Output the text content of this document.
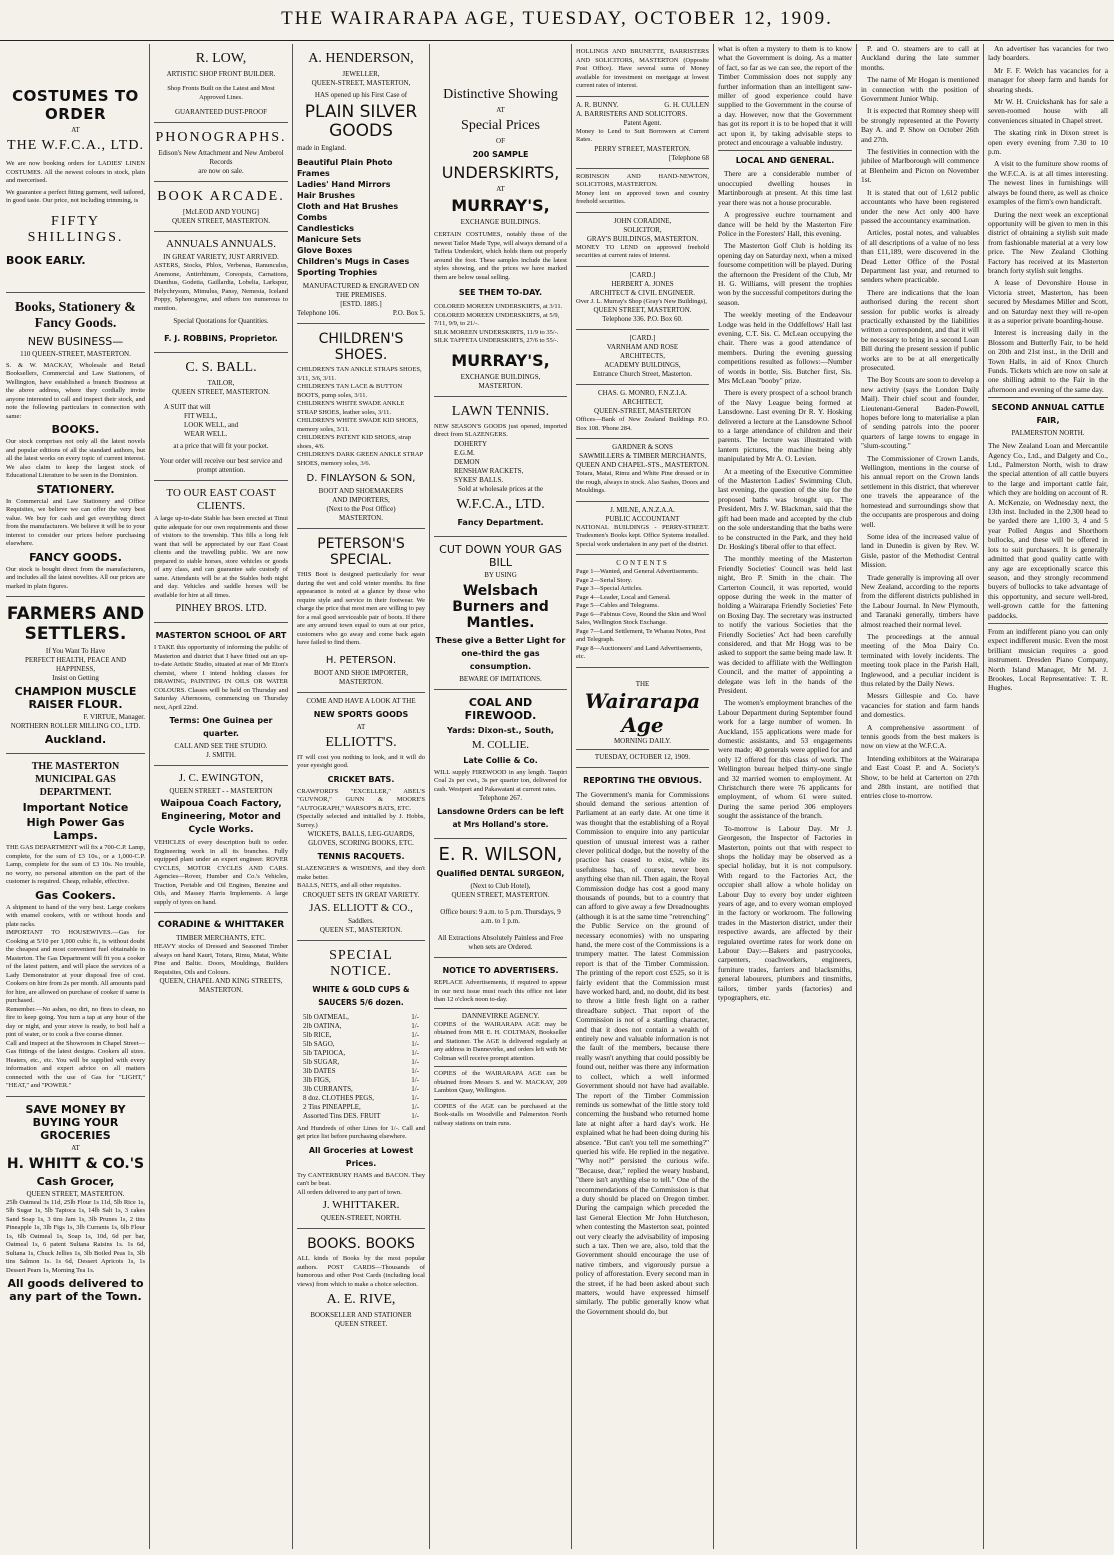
THE WAIRARAPA AGE, TUESDAY, OCTOBER 12, 1909.
COSTUMES TO ORDER
AT
THE W.F.C.A., LTD.
We are now booking orders for LADIES' LINEN COSTUMES. All the newest colours in stock, plain and mercerised.
We guarantee a perfect fitting garment, well tailored, in good taste. Our price, not including trimming, is
FIFTY SHILLINGS.
BOOK EARLY.
Books, Stationery & Fancy Goods.
NEW BUSINESS—
110 QUEEN-STREET, MASTERTON.
S. & W. MACKAY, Wholesale and Retail Booksellers, Commercial and Law Stationers, of Wellington, have established a branch Business at the above address, where they cordially invite anyone interested to call and inspect their stock, and note the following particulars in connection with same:
BOOKS.
Our stock comprises not only all the latest novels and popular editions of all the standard authors, but all the latest works on every topic of current interest. We also claim to keep the largest stock of Educational Literature to be seen in the Dominion.
STATIONERY.
In Commercial and Law Stationery and Office Requisites, we believe we can offer the very best value. We buy for cash and get everything direct from the manufacturers. We believe it will be to your interest to consider our prices before purchasing elsewhere.
FANCY GOODS.
Our stock is bought direct from the manufacturers, and includes all the latest novelties. All our prices are marked in plain figures.
FARMERS AND SETTLERS.
If You Want To Have
PERFECT HEALTH, PEACE AND HAPPINESS,
Insist on Getting
CHAMPION MUSCLE RAISER FLOUR.
F. VIRTUE, Manager.
NORTHERN ROLLER MILLING CO., LTD.
Auckland.
THE MASTERTON MUNICIPAL GAS DEPARTMENT.
Important Notice
High Power Gas Lamps.
THE GAS DEPARTMENT will fix a 700-C.P. Lamp, complete, for the sum of £3 10s., or a 1,000-C.P. Lamp, complete for the sum of £3 10s. No trouble, no worry, no personal attention on the part of the customer is required. Cheap, reliable, effective.
Gas Cookers.
A shipment to hand of the very best. Large cookers with enamel cookers, with or without hoods and plate racks.
IMPORTANT TO HOUSEWIVES.—Gas for Cooking at 5/10 per 1,000 cubic ft., is without doubt the cheapest and most convenient fuel obtainable in Masterton. The Gas Department will fit you a cooker of the latest pattern, and will place the services of a Lady Demonstrator at your disposal free of cost. Cookers on hire from 2s per month. All amounts paid for hire, are allowed on purchase of cooker if same is purchased.
Remember.—No ashes, no dirt, no fires to clean, no fire to keep going. You turn a tap at any hour of the day or night, and your stove is ready, to boil half a pint of water, or to cook a five course dinner.
Call and inspect at the Showroom in Chapel Street—Gas fittings of the latest designs. Cookers all sizes. Heaters, etc., etc. You will be supplied with every information and expert advice on all matters connected with the use of Gas for "LIGHT," "HEAT," and "POWER."
SAVE MONEY BY BUYING YOUR GROCERIES
AT
H. WHITT & CO.'S
Cash Grocer,
QUEEN STREET, MASTERTON.
25lb Oatmeal 3s 11d, 25lb Flour 1s 11d, 5lb Rice 1s, 5lb Sugar 1s, 5lb Tapioca 1s, 14lb Salt 1s, 3 cakes Sand Soap 1s, 3 tins Jam 1s, 3lb Prunes 1s, 2 tins Pineapple 1s, 3lb Figs 1s, 3lb Currants 1s, 6lb Flour 1s, 6lb Oatmeal 1s, Soap 1s, 10d, 6d per bar, Oatmeal 1s, 6 patent Sultana Raisins 1s. 1s 6d, Sultana 1s, Chuck Jellies 1s, 3lb Boiled Peas 1s, 3lb tins Salmon 1s. 1s 6d, Dessert Apricots 1s, 1s Dessert Pears 1s, Morning Tea 1s.
All goods delivered to any part of the Town.
R. LOW,
ARTISTIC SHOP FRONT BUILDER.
Shop Fronts Built on the Latest and Most Approved Lines.
GUARANTEED DUST-PROOF
PHONOGRAPHS.
Edison's New Attachment and New Amberol Records
are now on sale.
BOOK ARCADE.
[McLEOD AND YOUNG]
QUEEN STREET, MASTERTON.
ANNUALS ANNUALS.
IN GREAT VARIETY, JUST ARRIVED.
ASTERS, Stocks, Phlox, Verbenas, Ranunculus, Anemone, Antirrhinum, Coreopsis, Carnations, Dianthus, Godetia, Gaillardia, Lobelia, Larkspur, Helychrysum, Mimulus, Pansy, Nemesia, Iceland Poppy, Sphenogyne, and others too numerous to mention.
Special Quotations for Quantities.
F. J. ROBBINS, Proprietor.
C. S. BALL.
TAILOR,
QUEEN STREET, MASTERTON.
A SUIT that will
FIT WELL,
LOOK WELL, and
WEAR WELL.
at a price that will fit your pocket.
Your order will receive our best service and prompt attention.
TO OUR EAST COAST CLIENTS.
A large up-to-date Stable has been erected at Tinui quite adequate for our own requirements and those of visitors to the township. This fills a long felt want that will be appreciated by our East Coast clients and the travelling public. We are now prepared to stable horses, store vehicles or goods of any class, and can guarantee safe custody of same. Attendants will be at the Stables both night and day. Vehicles and saddle horses will be available for hire at all times.
PINHEY BROS. LTD.
MASTERTON SCHOOL OF ART
I TAKE this opportunity of informing the public of Masterton and district that I have fitted out an up-to-date Artistic Studio, situated at rear of Mr Eton's chemist, where I intend holding classes for DRAWING, PAINTING IN OILS OR WATER COLOURS. Classes will be held on Thursday and Saturday Afternoons, commencing on Thursday next, April 22nd.
Terms: One Guinea per quarter.
CALL AND SEE THE STUDIO.
J. SMITH.
J. C. EWINGTON,
QUEEN STREET - - MASTERTON
Waipoua Coach Factory, Engineering, Motor and Cycle Works.
VEHICLES of every description built to order. Engineering work in all its branches. Fully equipped plant under an expert engineer. ROVER CYCLES, MOTOR CYCLES AND CARS. Agencies—Rover, Humber and Co.'s Vehicles, Traction, Portable and Oil Engines, Benzine and Oils, and Massey Harris Implements. A large supply of tyres on hand.
CORADINE & WHITTAKER
TIMBER MERCHANTS, ETC.
HEAVY stocks of Dressed and Seasoned Timber always on hand Kauri, Totara, Rimu, Matai, White Pine and Baltic. Doors, Mouldings, Builders Requisites, Oils and Colours.
QUEEN, CHAPEL AND KING STREETS, MASTERTON.
A. HENDERSON,
JEWELLER,
QUEEN-STREET, MASTERTON,
HAS opened up his First Case of
PLAIN SILVER GOODS
made in England.
Beautiful Plain Photo Frames
Ladies' Hand Mirrors
Hair Brushes
Cloth and Hat Brushes
Combs
Candlesticks
Manicure Sets
Glove Boxes
Children's Mugs in Cases
Sporting Trophies
MANUFACTURED & ENGRAVED ON THE PREMISES.
[ESTD. 1885.]
Telephone 106.	P.O. Box 5.
CHILDREN'S SHOES.
CHILDREN'S TAN ANKLE STRAPS SHOES, 3/11, 3/6, 3/11.
CHILDREN'S TAN LACE & BUTTON BOOTS, pump soles, 3/11.
CHILDREN'S WHITE SWADE ANKLE STRAP SHOES, leather soles, 3/11.
CHILDREN'S WHITE SWADE KID SHOES, memory soles, 3/11.
CHILDREN'S PATENT KID SHOES, strap shoes, 4/6.
CHILDREN'S DARK GREEN ANKLE STRAP SHOES, memory soles, 3/6.
D. FINLAYSON & SON,
BOOT AND SHOEMAKERS
AND IMPORTERS,
(Next to the Post Office)
MASTERTON.
PETERSON'S SPECIAL.
THIS Boot is designed particularly for wear during the wet and cold winter months. Its fine appearance is noted at a glance by those who require style and service in their footwear. We charge the price that most men are willing to pay for a real good serviceable pair of boots. If there are any around town equal to ours at our price, customers who go away and come back again have failed to find them.
H. PETERSON.
BOOT AND SHOE IMPORTER,
MASTERTON.
COME AND HAVE A LOOK AT THE
NEW SPORTS GOODS
AT
ELLIOTT'S.
IT will cost you nothing to look, and it will do your eyesight good.
CRICKET BATS.
CRAWFORD'S "EXCELLER," ABEL'S "GUVNOR," GUNN & MOORE'S "AUTOGRAPH," WARSOP'S BATS, ETC.
(Specially selected and initialled by J. Hobbs, Surrey.)
WICKETS, BALLS, LEG-GUARDS, GLOVES, SCORING BOOKS, ETC.
TENNIS RACQUETS.
SLAZENGER'S & WISDEN'S, and they don't make better.
BALLS, NETS, and all other requisites.
CROQUET SETS IN GREAT VARIETY.
JAS. ELLIOTT & CO.,
Saddlers.
QUEEN ST., MASTERTON.
SPECIAL NOTICE.
WHITE & GOLD CUPS & SAUCERS 5/6 dozen.
5lb OATMEAL,	1/-
2lb OATINA,	1/-
5lb RICE,	1/-
5lb SAGO,	1/-
5lb TAPIOCA,	1/-
5lb SUGAR,	1/-
3lb DATES	1/-
3lb FIGS,	1/-
3lb CURRANTS,	1/-
8 doz. CLOTHES PEGS,	1/-
2 Tins PINEAPPLE,	1/-
Assorted Tins DES. FRUIT	1/-
And Hundreds of other Lines for 1/-. Call and get price list before purchasing elsewhere.
All Groceries at Lowest Prices.
Try CANTERBURY HAMS and BACON. They can't be beat.
All orders delivered to any part of town.
J. WHITTAKER.
QUEEN-STREET, NORTH.
BOOKS. BOOKS
ALL kinds of Books by the most popular authors. POST CARDS—Thousands of humorous and other Post Cards (including local views) from which to make a choice selection.
A. E. RIVE,
BOOKSELLER AND STATIONER
QUEEN STREET.
Distinctive Showing
AT
Special Prices
OF
200 SAMPLE
UNDERSKIRTS,
AT
MURRAY'S,
EXCHANGE BUILDINGS.
CERTAIN COSTUMES, notably those of the newest Tailor Made Type, will always demand of a Taffeta Underskirt, which holds them out properly around the foot. These samples include the latest styles showing, and the prices we have marked them are below usual selling.
SEE THEM TO-DAY.
COLORED MOREEN UNDERSKIRTS, at 3/11.
COLORED MOREEN UNDERSKIRTS, at 5/9, 7/11, 9/9, to 21/-.
SILK MOREEN UNDERSKIRTS, 11/9 to 35/-.
SILK TAFFETA UNDERSKIRTS, 27/6 to 55/-.
MURRAY'S,
EXCHANGE BUILDINGS,
MASTERTON.
LAWN TENNIS.
NEW SEASON'S GOODS just opened, imported direct from SLAZENGERS.
DOHERTY
E.G.M.
DEMON
RENSHAW RACKETS,
SYKES' BALLS.
Sold at wholesale prices at the
W.F.C.A., LTD.
Fancy Department.
CUT DOWN YOUR GAS BILL
BY USING
Welsbach Burners and Mantles.
These give a Better Light for one-third the gas consumption.
BEWARE OF IMITATIONS.
COAL AND FIREWOOD.
Yards: Dixon-st., South,
M. COLLIE.
Late Collie & Co.
WILL supply FIREWOOD in any length. Taupiri Coal 2s per cwt., 3s per quarter ton, delivered for cash. Westport and Pakawatani at current rates.
Telephone 267.
Lansdowne Orders can be left at Mrs Holland's store.
E. R. WILSON,
Qualified DENTAL SURGEON,
(Next to Club Hotel),
QUEEN STREET, MASTERTON.
Office hours: 9 a.m. to 5 p.m. Thursdays, 9 a.m. to 1 p.m.
All Extractions Absolutely Painless and Free when sets are Ordered.
NOTICE TO ADVERTISERS.
REPLACE Advertisements, if required to appear in our next issue must reach this office not later than 12 o'clock noon to-day.
DANNEVIRKE AGENCY.
COPIES of the WAIRARAPA AGE may be obtained from MR E. H. COLTMAN, Bookseller and Stationer. The AGE is delivered regularly at any address in Dannevirke, and orders left with Mr Coltman will receive prompt attention.
COPIES of the WAIRARAPA AGE can be obtained from Messrs S. and W. MACKAY, 209 Lambton Quay, Wellington.
COPIES of the AGE can be purchased at the Book-stalls on Woodville and Palmerston North railway stations on train runs.
HOLLINGS AND BRUNETTE, BARRISTERS AND SOLICITORS, MASTERTON (Opposite Post Office). Have several sums of Money available for investment on mortgage at lowest current rates of interest.
A. R. BUNNY.	G. H. CULLEN
A. BARRISTERS AND SOLICITORS.
Patent Agent.
Money to Lend to Suit Borrowers at Current Rates.
PERRY STREET, MASTERTON.
[Telephone 68
ROBINSON AND HAND-NEWTON, SOLICITORS, MASTERTON.
Money lent on approved town and country freehold securities.
JOHN CORADINE,
SOLICITOR,
GRAY'S BUILDINGS, MASTERTON.
MONEY TO LEND on approved freehold securities at current rates of interest.
[CARD.]
HERBERT A. JONES
ARCHITECT & CIVIL ENGINEER.
Over J. L. Murray's Shop (Gray's New Buildings),
QUEEN STREET, MASTERTON.
Telephone 336. P.O. Box 60.
[CARD.]
VARNHAM AND ROSE
ARCHITECTS,
ACADEMY BUILDINGS,
Entrance Church Street, Masterton.
CHAS. G. MONRO, F.N.Z.I.A.
ARCHITECT,
QUEEN-STREET, MASTERTON
Offices—Bank of New Zealand Buildings P.O. Box 108. 'Phone 284.
GARDNER & SONS
SAWMILLERS & TIMBER MERCHANTS,
QUEEN AND CHAPEL-STS., MASTERTON.
Totara, Matai, Rimu and White Pine dressed or in the rough, always in stock. Also Sashes, Doors and Mouldings.
J. MILNE, A.N.Z.A.A.
PUBLIC ACCOUNTANT
NATIONAL BUILDINGS - PERRY-STREET. Tradesmen's Books kept. Office Systems installed. Special work undertaken in any part of the district.
CONTENTS
Page 1—Wanted, and General Advertisements.
Page 2—Serial Story.
Page 3—Special Articles.
Page 4—Leader, Local and General.
Page 5—Cables and Telegrams.
Page 6—Fabinus Cove, Round the Skin and Wool Sales, Wellington Stock Exchange.
Page 7—Land Settlement, Te Wharau Notes, Post and Telegraph.
Page 8—Auctioneers' and Land Advertisements, etc.
THE
Wairarapa Age
MORNING DAILY.
TUESDAY, OCTOBER 12, 1909.
REPORTING THE OBVIOUS.
The Government's mania for Commissions should demand the serious attention of Parliament at an early date. At one time it was thought that the establishing of a Royal Commission to enquire into any particular question of unusual interest was a rather clever political dodge, but the novelty of the practice has ceased to exist, while its usefulness has, of course, never been anything else than nil. Then again, the Royal Commission dodge has cost a good many thousands of pounds, but to a country that can afford to give away a few Dreadnoughts (although it is at the same time "retrenching" the Public Service on the ground of necessary economies) with no unsparing hand, the mere cost of the Commissions is a trumpery matter. The latest Commission report is that of the Timber Commission. The printing of the report cost £525, so it is fairly evident that the Commission must have worked hard, and, no doubt, did its best to throw a little fresh light on a rather threadbare subject. That report of the Commission is not of a startling character, and that it does not contain a wealth of entirely new and valuable information is not the fault of the members, because there really wasn't anything that could possibly be found out, neither was there any information to collect, which a well informed Government should not have had available. The report of the Timber Commission reminds us somewhat of the little story told concerning the husband who returned home late at night after a hard day's work. He explained what he had been doing during his absence. "But can't you tell me something?" queried his wife. He replied in the negative. "Why not?" persisted the curious wife. "Because, dear," replied the weary husband, "there isn't anything else to tell." One of the recommendations of the Commission is that a duty should be placed on Oregon timber. During the campaign which preceded the last General Election Mr John Hutcheson, when contesting the Masterton seat, pointed out very clearly the advisability of imposing such a tax. Then we are, also, told that the Government should encourage the use of native timbers, and vigorously pursue a policy of afforestation. Every second man in the street, if he had been asked about such matters, would have expressed himself similarly. The public generally know what the Government should do, but
what is often a mystery to them is to know what the Government is doing. As a matter of fact, so far as we can see, the report of the Timber Commission does not supply any further information than an intelligent saw-miller of good experience could have supplied to the Government in the course of a day. However, now that the Government has got its report it is to be hoped that it will act upon it, by taking advisable steps to protect and encourage a valuable industry.
LOCAL AND GENERAL.

There are a considerable number of unoccupied dwelling houses in Martinborough at present. At this time last year there was not a house procurable.

A progressive euchre tournament and dance will be held by the Masterton Fire Police in the Foresters' Hall, this evening.

The Masterton Golf Club is holding its opening day on Saturday next, when a mixed foursome competition will be played. During the afternoon the President of the Club, Mr H. G. Williams, will present the trophies won by the successful competitors during the season.

The weekly meeting of the Endeavour Lodge was held in the Oddfellows' Hall last evening, C.T. Sis. C. McLean occupying the chair. There was a good attendance of members. During the evening guessing competitions resulted as follows:—Number of words in bottle, Sis. Butcher first, Sis. Mrs McLean "booby" prize.

There is every prospect of a school branch of the Navy League being formed at Lansdowne. Last evening Dr R. Y. Hosking delivered a lecture at the Lansdowne School to a large attendance of children and their parents. The lecture was illustrated with lantern pictures, the machine being ably manipulated by Mr A. O. Levien.

At a meeting of the Executive Committee of the Masterton Ladies' Swimming Club, last evening, the question of the site for the proposed baths was brought up. The President, Mrs J. W. Blackman, said that the gift had been made and accepted by the club on the sole understanding that the baths were to be constructed in the Park, and they held Dr. Hosking's liberal offer to that effect.

The monthly meeting of the Masterton Friendly Societies' Council was held last night, Bro P. Smith in the chair. The Carterton Council, it was reported, would oppose during the week in the matter of holding a Wairarapa Friendly Societies' Fete on Boxing Day. The secretary was instructed to notify the various Societies that the Friendly Societies' Act had been carefully considered, and that Mr Hogg was to be asked to support the same being made law. It was decided to affiliate with the Wellington Council, and the matter of appointing a delegate was left in the hands of the President.

The women's employment branches of the Labour Department during September found work for a large number of women. In Auckland, 155 applications were made for domestic assistants, and 53 engagements were made; 40 generals were applied for and only 12 offered for this class of work. The Wellington bureau helped thirty-one single and 32 married women to employment. At Christchurch there were 76 applicants for employment, of whom 61 were suited. During the same period 306 employers sought the assistance of the branch.

To-morrow is Labour Day. Mr J. Georgeson, the Inspector of Factories in Masterton, points out that with respect to shops the holiday may be observed as a special holiday, but it is not compulsory. With regard to the Factories Act, the occupier shall allow a whole holiday on Labour Day to every boy under eighteen years of age, and to every woman employed in the factory or workroom. The following trades in the Masterton district, under their respective awards, are affected by their regulated overtime rates for work done on Labour Day:—Bakers and pastrycooks, carpenters, coachworkers, engineers, furniture trades, farriers and blacksmiths, general labourers, plumbers and tinsmiths, tailors, timber yards (factories) and typographers, etc.

P. and O. steamers are to call at Auckland during the late summer months.

The name of Mr Hogan is mentioned in connection with the position of Government Junior Whip.

It is expected that Romney sheep will be strongly represented at the Poverty Bay A. and P. Show on October 26th and 27th.

The festivities in connection with the jubilee of Marlborough will commence at Blenheim and Picton on November 1st.

It is stated that out of 1,612 public accountants who have been registered under the new Act only 400 have passed the accountancy examination.

Articles, postal notes, and valuables of all descriptions of a value of no less than £11,189, were discovered in the Dead Letter Office of the Postal Department last year, and returned to senders where practicable.

There are indications that the loan authorised during the recent short session for public works is already practically exhausted by the liabilities written a correspondent, and that it will be necessary to bring in a second Loan Bill during the present session if public works are to be at all energetically prosecuted.

The Boy Scouts are soon to develop a new activity (says the London Daily Mail). Their chief scout and founder, Lieutenant-General Baden-Powell, hopes before long to materialise a plan of sending patrols into the poorer quarters of large towns to engage in "slum-scouting."

The Commissioner of Crown Lands, Wellington, mentions in the course of his annual report on the Crown lands settlement in this district, that wherever one travels the appearance of the homestead and surroundings show that the occupants are prosperous and doing well.

Some idea of the increased value of land in Dunedin is given by Rev. W. Gisle, pastor of the Methodist Central Mission.

Trade generally is improving all over New Zealand, according to the reports from the different districts published in the Labour Journal. In New Plymouth, and Taranaki generally, timbers have almost reached their normal level.

The proceedings at the annual meeting of the Moa Dairy Co. terminated with lovely incidents. The meeting took place in the Parish Hall, Inglewood, and a peculiar incident is thus related by the Daily News.

Messrs Gillespie and Co. have vacancies for station and farm hands and domestics.

A comprehensive assortment of tennis goods from the best makers is now on view at the W.F.C.A.

Intending exhibitors at the Wairarapa and East Coast P. and A. Society's Show, to be held at Carterton on 27th and 28th instant, are notified that entries close to-morrow.

An advertiser has vacancies for two lady boarders.

Mr F. F. Welch has vacancies for a manager for sheep farm and hands for shearing sheds.

Mr W. H. Cruickshank has for sale a seven-roomed house with all conveniences situated in Chapel street.

The skating rink in Dixon street is open every evening from 7.30 to 10 p.m.

A visit to the furniture show rooms of the W.F.C.A. is at all times interesting. The newest lines in furnishings will always be found there, as well as choice examples of the firm's own handicraft.

During the next week an exceptional opportunity will be given to men in this district of obtaining a stylish suit made from fashionable material at a very low price. The New Zealand Clothing Factory has received at its Masterton branch forty stylish suit lengths.

A lease of Devonshire House in Victoria street, Masterton, has been secured by Mesdames Miller and Scott, and on Saturday next they will re-open it as a superior private boarding-house.

Interest is increasing daily in the Blossom and Butterfly Fair, to be held on 20th and 21st inst., in the Drill and Town Halls, in aid of Knox Church Funds. Tickets which are now on sale at one shilling admit to the Fair in the afternoon and evening of the same day.

SECOND ANNUAL CATTLE FAIR,
PALMERSTON NORTH.
The New Zealand Loan and Mercantile Agency Co., Ltd., and Dalgety and Co., Ltd., Palmerston North, wish to draw the special attention of all cattle buyers to the large and important cattle fair, which they are holding on account of R. A. McKenzie, on Wednesday next, the 13th inst. Included in the 2,300 head to be yarded there are 1,100 3, 4 and 5 year Polled Angus and Shorthorn bullocks, and these will be offered in lots to suit purchasers. It is generally admitted that good quality cattle with any age are exceptionally scarce this season, and they strongly recommend buyers of bullocks to take advantage of this opportunity, and secure well-bred, well-grown cattle for the fattening paddocks.
From an indifferent piano you can only expect indifferent music. Even the most brilliant musician requires a good instrument. Dresden Piano Company, North Island Manager, Mr M. J. Brookes, Local Representative: T. R. Hughes.
